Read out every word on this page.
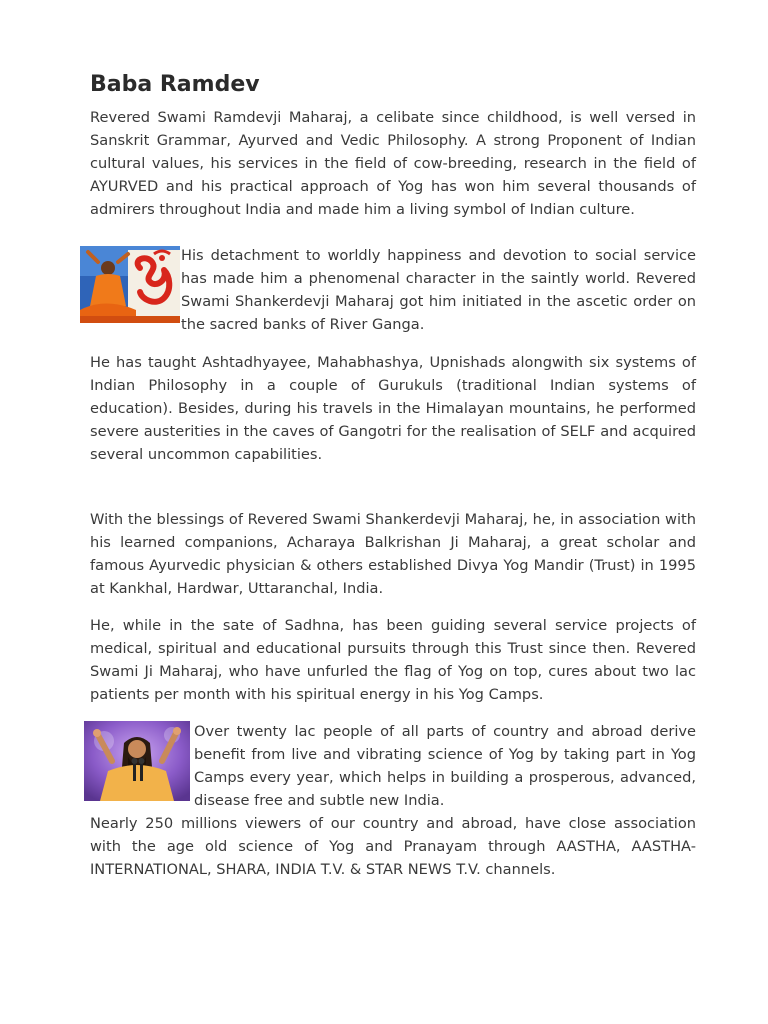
Baba Ramdev

Revered Swami Ramdevji Maharaj, a celibate since childhood, is well versed in Sanskrit Grammar, Ayurved and Vedic Philosophy. A strong Proponent of Indian cultural values, his services in the field of cow-breeding, research in the field of AYURVED and his practical approach of Yog has won him several thousands of admirers throughout India and made him a living symbol of Indian culture.

His detachment to worldly happiness and devotion to social service has made him a phenomenal character in the saintly world. Revered Swami Shankerdevji Maharaj got him initiated in the ascetic order on the sacred banks of River Ganga.

He has taught Ashtadhyayee, Mahabhashya, Upnishads alongwith six systems of Indian Philosophy in a couple of Gurukuls (traditional Indian systems of education). Besides, during his travels in the Himalayan mountains, he performed severe austerities in the caves of Gangotri for the realisation of SELF and acquired several uncommon capabilities.

With the blessings of Revered Swami Shankerdevji Maharaj, he, in association with his learned companions, Acharaya Balkrishan Ji Maharaj, a great scholar and famous Ayurvedic physician & others established Divya Yog Mandir (Trust) in 1995 at Kankhal, Hardwar, Uttaranchal, India.

He, while in the sate of Sadhna, has been guiding several service projects of medical, spiritual and educational pursuits through this Trust since then. Revered Swami Ji Maharaj, who have unfurled the flag of Yog on top, cures about two lac patients per month with his spiritual energy in his Yog Camps.

Over twenty lac people of all parts of country and abroad derive benefit from live and vibrating science of Yog by taking part in Yog Camps every year, which helps in building a prosperous, advanced, disease free and subtle new India.

Nearly 250 millions viewers of our country and abroad, have close association with the age old science of Yog and Pranayam through AASTHA, AASTHA-INTERNATIONAL, SHARA, INDIA T.V. & STAR NEWS T.V. channels.
